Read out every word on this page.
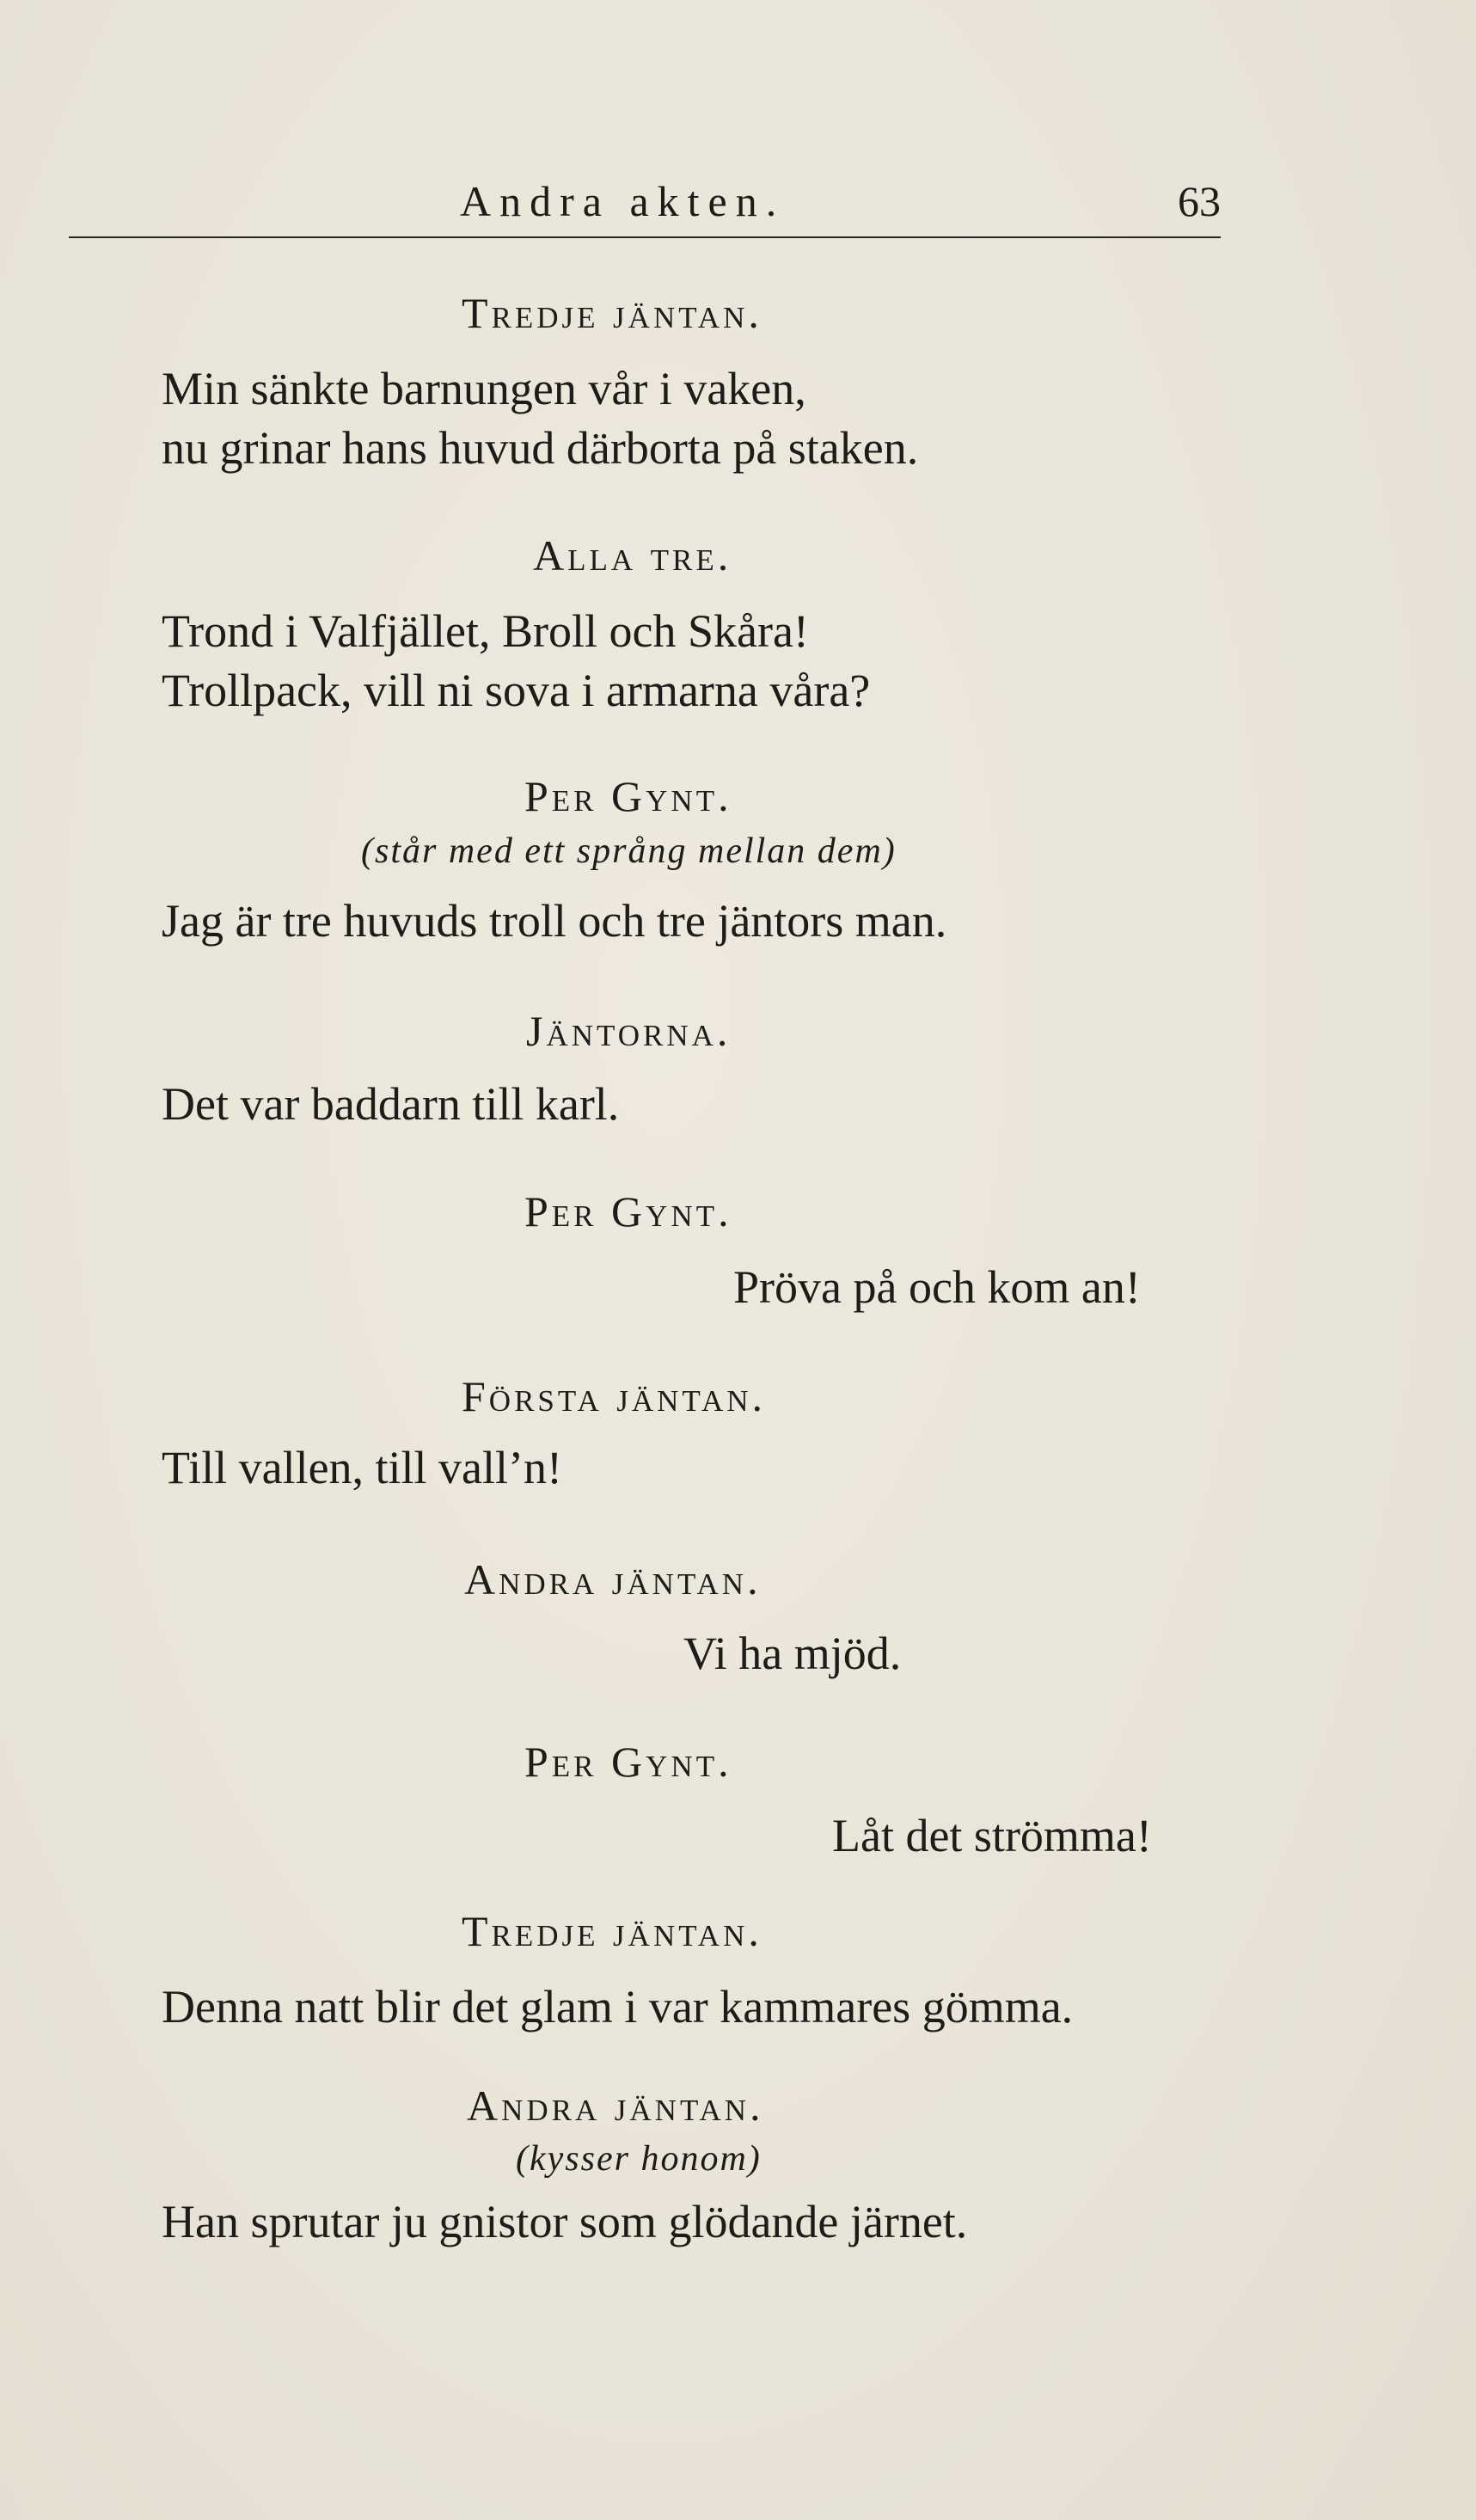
Andra akten.	63
Tredje jäntan.
Min sänkte barnungen vår i vaken,
nu grinar hans huvud därborta på staken.
Alla tre.
Trond i Valfjället, Broll och Skåra!
Trollpack, vill ni sova i armarna våra?
Per Gynt.
(står med ett språng mellan dem)
Jag är tre huvuds troll och tre jäntors man.
Jäntorna.
Det var baddarn till karl.
Per Gynt.
Pröva på och kom an!
Första jäntan.
Till vallen, till vall’n!
Andra jäntan.
Vi ha mjöd.
Per Gynt.
Låt det strömma!
Tredje jäntan.
Denna natt blir det glam i var kammares gömma.
Andra jäntan.
(kysser honom)
Han sprutar ju gnistor som glödande järnet.
